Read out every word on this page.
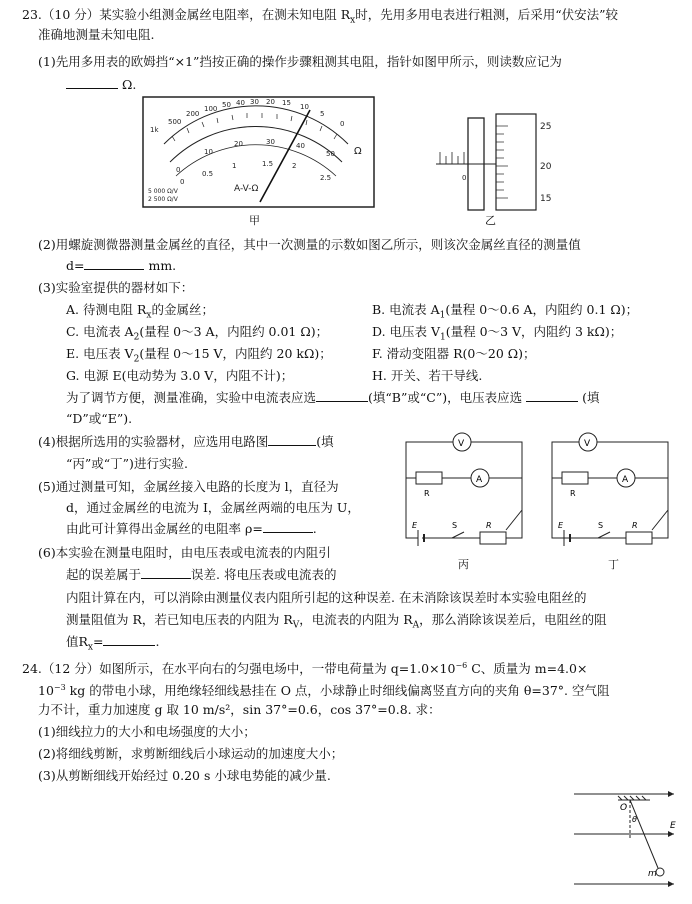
23.（10 分）某实验小组测金属丝电阻率，在测未知电阻 $R_x$时，先用多用电表进行粗测，后采用“伏安法”较
准确地测量未知电阻.
(1)先用多用表的欧姆挡“×1”挡按正确的操作步骤粗测其电阻，指针如图甲所示，则读数应记为
Ω.
1k
500
200
100 50 40 30 20 15 10
5
0
0
10
20	30	40
50
0
0.5
1	1.5	2
2.5
Ω
A-V-Ω
5 000 Ω/V
2 500 Ω/V
甲
25
20
15
0
乙
(2)用螺旋测微器测量金属丝的直径，其中一次测量的示数如图乙所示，则该次金属丝直径的测量值
d=	mm.
(3)实验室提供的器材如下：
A. 待测电阻 $R_x$的金属丝；	B. 电流表 $A_1$(量程 0～0.6 A，内阻约 0.1 Ω)；
C. 电流表 $A_2$(量程 0～3 A，内阻约 0.01 Ω)；	D. 电压表 $V_1$(量程 0～3 V，内阻约 3 kΩ)；
E. 电压表 $V_2$(量程 0～15 V，内阻约 20 kΩ)；	F. 滑动变阻器 R(0～20 Ω)；
G. 电源 E(电动势为 3.0 V，内阻不计)；	H. 开关、若干导线.
为了调节方便，测量准确，实验中电流表应选	(填“B”或“C”)，电压表应选	(填
“D”或“E”).
(4)根据所选用的实验器材，应选用电路图	(填
“丙”或“丁”)进行实验.
(5)通过测量可知，金属丝接入电路的长度为 l，直径为
d，通过金属丝的电流为 I，金属丝两端的电压为 U，
由此可计算得出金属丝的电阻率 ρ=	.
(6)本实验在测量电阻时，由电压表或电流表的内阻引
起的误差属于	误差. 将电压表或电流表的
内阻计算在内，可以消除由测量仪表内阻所引起的这种误差. 在未消除该误差时本实验电阻丝的
测量阻值为 R，若已知电压表的内阻为 $R_V$，电流表的内阻为 $R_A$，那么消除该误差后，电阻丝的阻
值$R_x=$	.
V
R
A
E	S	R
丙
V
R
A
E	S	R
丁
24.（12 分）如图所示，在水平向右的匀强电场中，一带电荷量为 $q=1.0\times 10^{-6}$ C、质量为 m=4.0×
$10^{-3}$ kg 的带电小球，用绝缘轻细线悬挂在 O 点，小球静止时细线偏离竖直方向的夹角 θ=37°. 空气阻
力不计，重力加速度 g 取 10 m/s²，sin 37°=0.6，cos 37°=0.8. 求：
(1)细线拉力的大小和电场强度的大小；
(2)将细线剪断，求剪断细线后小球运动的加速度大小；
(3)从剪断细线开始经过 0.20 s 小球电势能的减少量.
O
θ
E
m
